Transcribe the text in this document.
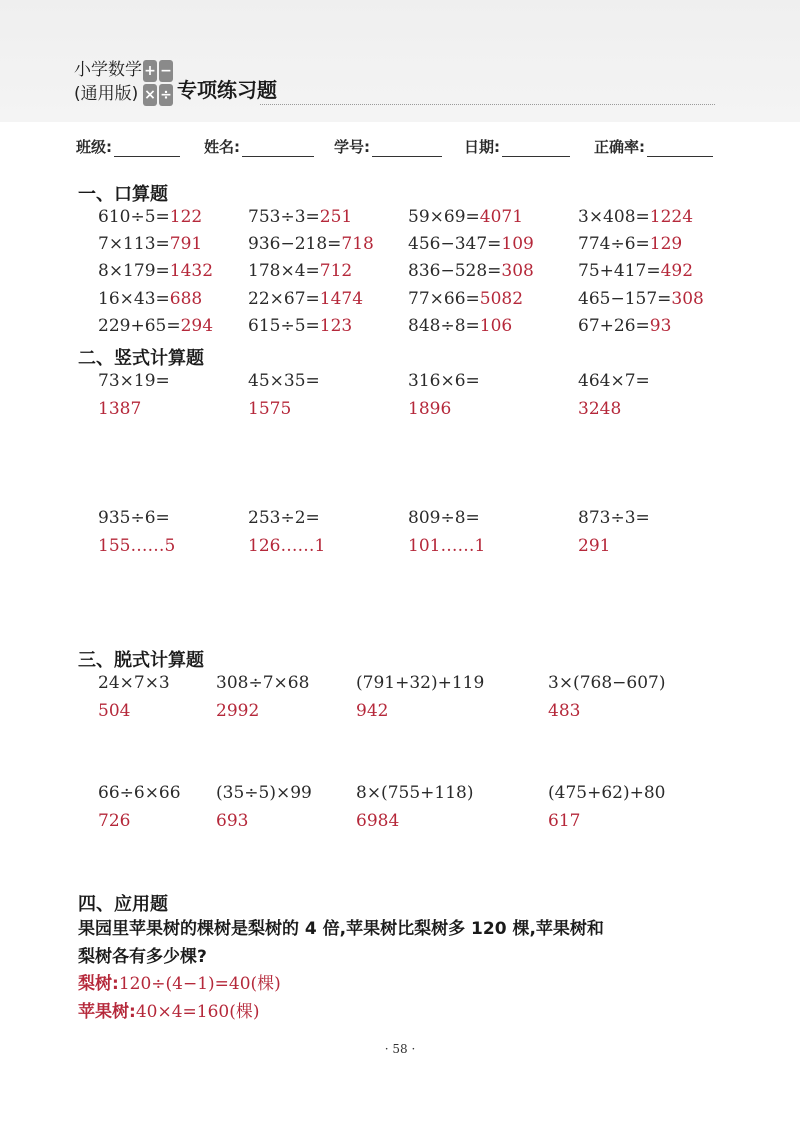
小学数学
(通用版)
+ −
× ÷ 专项练习题
班级:	姓名:	学号:	日期:	正确率:
一、口算题
610÷5=122	753÷3=251	59×69=4071	3×408=1224
7×113=791	936−218=718 456−347=109	774÷6=129
8×179=1432 178×4=712	836−528=308	75+417=492
16×43=688	22×67=1474	77×66=5082	465−157=308
229+65=294 615÷5=123	848÷8=106	67+26=93
二、竖式计算题
73×19=	45×35=	316×6=	464×7=
1387	1575	1896	3248
935÷6=	253÷2=	809÷8=	873÷3=
155……5	126……1	101……1	291
三、脱式计算题
24×7×3	308÷7×68	(791+32)+119	3×(768−607)
504	2992	942	483
66÷6×66 (35÷5)×99	8×(755+118)	(475+62)+80
726	693	6984	617
四、应用题
果园里苹果树的棵树是梨树的 4 倍,苹果树比梨树多 120 棵,苹果树和
梨树各有多少棵?
梨树:120÷(4−1)=40(棵)
苹果树:40×4=160(棵)
· 58 ·
